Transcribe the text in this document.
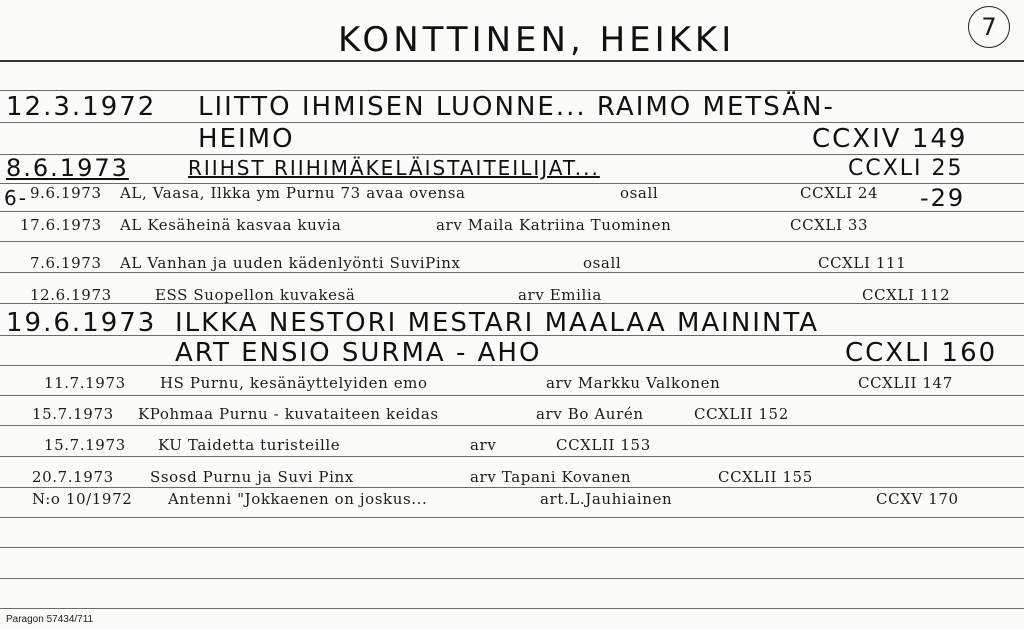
KONTTINEN, HEIKKI	7
12.3.1972 LIITTO IHMISEN LUONNE... RAIMO METSÄN-
HEIMO	CCXIV 149
8.6.1973	RIIHST RIIHIMÄKELÄISTAITEILIJAT...	CCXLI 25
6- 9.6.1973 AL, Vaasa, Ilkka ym Purnu 73 avaa ovensa	osall	CCXLI 24 -29
17.6.1973 AL Kesäheinä kasvaa kuvia	arv Maila Katriina Tuominen	CCXLI 33
7.6.1973 AL Vanhan ja uuden kädenlyönti SuviPinx	osall	CCXLI 111
12.6.1973	ESS Suopellon kuvakesä	arv Emilia	CCXLI 112
19.6.1973 ILKKA NESTORI MESTARI MAALAA MAININTA
ART ENSIO SURMA - AHO	CCXLI 160
11.7.1973 HS Purnu, kesänäyttelyiden emo	arv Markku Valkonen	CCXLII 147
15.7.1973 KPohmaa Purnu - kuvataiteen keidas	arv Bo Aurén	CCXLII 152
15.7.1973 KU Taidetta turisteille	arv	CCXLII 153
20.7.1973 Ssosd Purnu ja Suvi Pinx	arv Tapani Kovanen	CCXLII 155
N:o 10/1972 Antenni "Jokkaenen on joskus...	art.L.Jauhiainen	CCXV 170
Paragon 57434/711
